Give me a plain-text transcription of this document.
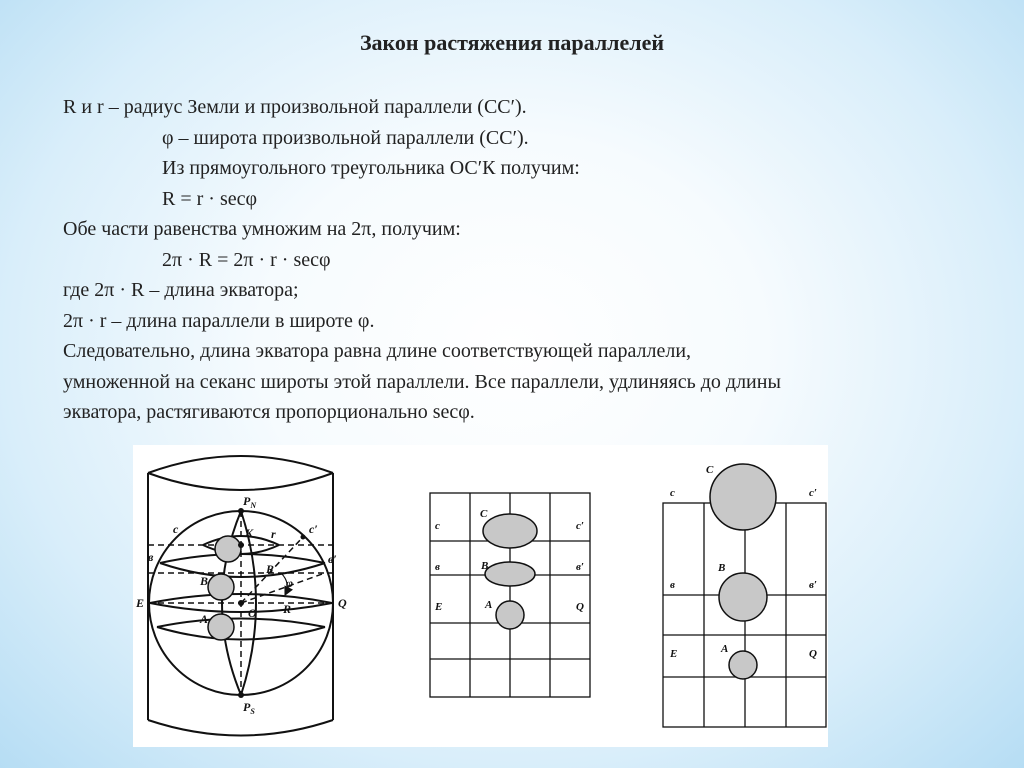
Закон растяжения параллелей
R и r – радиус Земли и произвольной параллели (СС′).
φ – широта произвольной параллели (СС′).
Из прямоугольного треугольника ОС′К получим:
R = r · secφ
Обе части равенства умножим на 2π, получим:
2π · R = 2π · r · secφ
где 2π · R – длина экватора;
2π · r – длина параллели в широте φ.
Следовательно, длина экватора равна длине соответствующей параллели,
умноженной на секанс широты этой параллели. Все параллели, удлиняясь до длины
экватора, растягиваются пропорционально secφ.
$P_N$
$P_S$
c	c′
K r
в	в′
R
R
φ
E	Q
O
B
A
c	c′
в	в′
E	Q
C
B
A
c	c′
в	в′
E	Q
C
B
A
